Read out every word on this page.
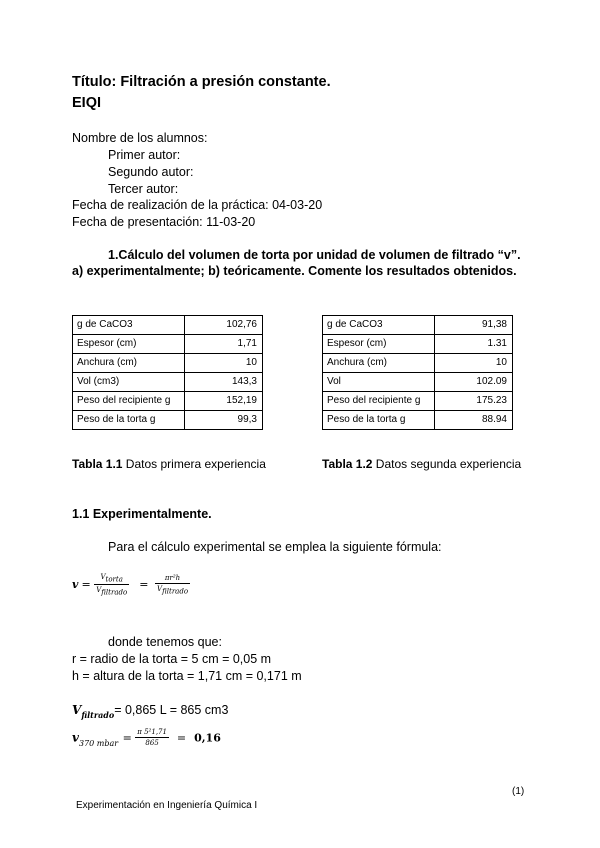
Título: Filtración a presión constante.
EIQI
Nombre de los alumnos:
Primer autor:
Segundo autor:
Tercer autor:
Fecha de realización de la práctica: 04-03-20
Fecha de presentación: 11-03-20
1.Cálculo del volumen de torta por unidad de volumen de filtrado “v”.
a) experimentalmente; b) teóricamente. Comente los resultados obtenidos.
g de CaCO3	102,76
Espesor (cm)	1,71
Anchura (cm)	10
Vol (cm3)	143,3
Peso del recipiente g	152,19
Peso de la torta g	99,3
g de CaCO3	91,38
Espesor (cm)	1.31
Anchura (cm)	10
Vol	102.09
Peso del recipiente g	175.23
Peso de la torta g	88.94
Tabla 1.1 Datos primera experiencia	Tabla 1.2 Datos segunda experiencia
1.1 Experimentalmente.
Para el cálculo experimental se emplea la siguiente fórmula:
$v = \frac{V_{torta}}{V_{filtrado}} = \frac{\text{πr²h}}{V_{filtrado}}$
donde tenemos que:
r = radio de la torta = 5 cm = 0,05 m
h = altura de la torta = 1,71 cm = 0,171 m
$V_{filtrado}= 0,865$ L = 865 cm3
$v_{370 mbar} = \frac{\text{π 5²1,71}}{865} = 0,16$
(1)
Experimentación en Ingeniería Química I
